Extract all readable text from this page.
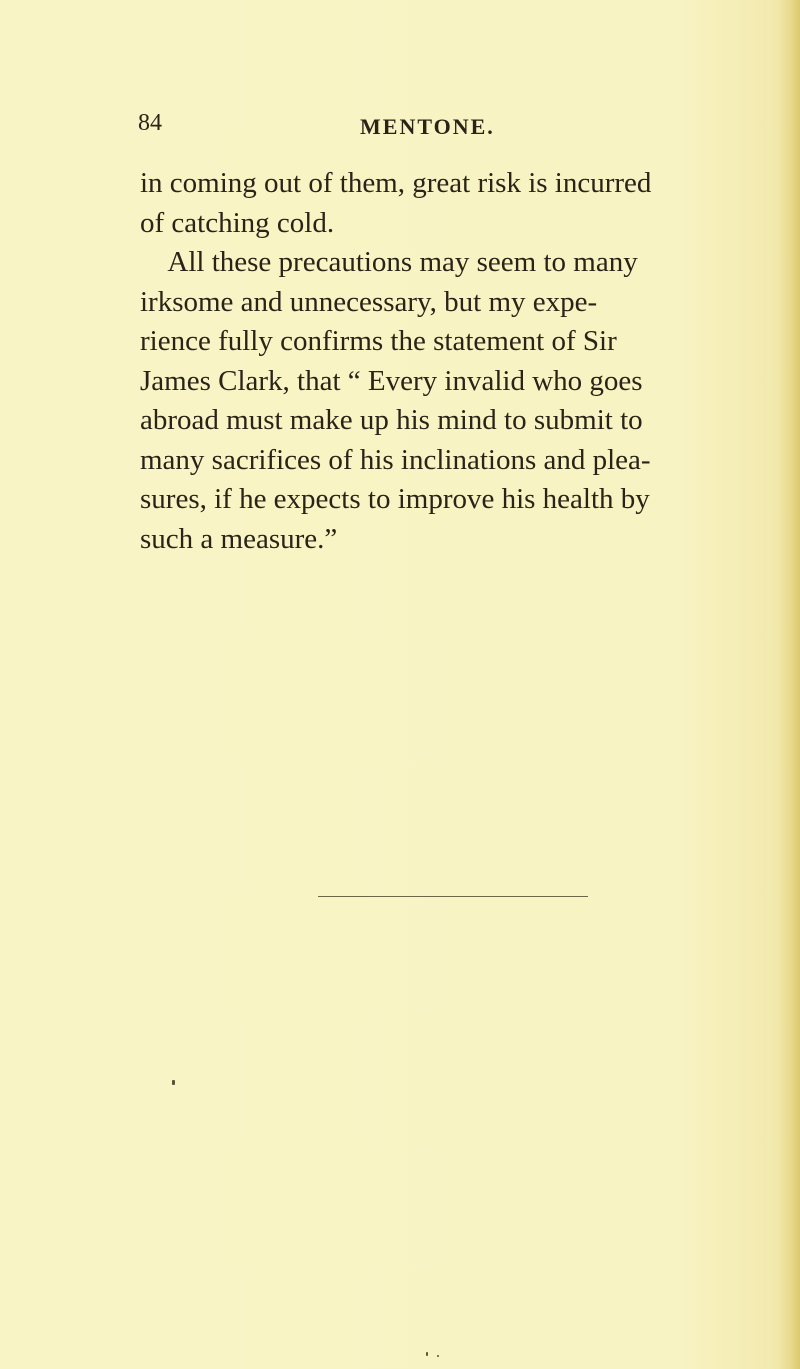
84	MENTONE.
in coming out of them, great risk is incurred
of catching cold.
All these precautions may seem to many
irksome and unnecessary, but my expe-
rience fully confirms the statement of Sir
James Clark, that “ Every invalid who goes
abroad must make up his mind to submit to
many sacrifices of his inclinations and plea-
sures, if he expects to improve his health by
such a measure.”
